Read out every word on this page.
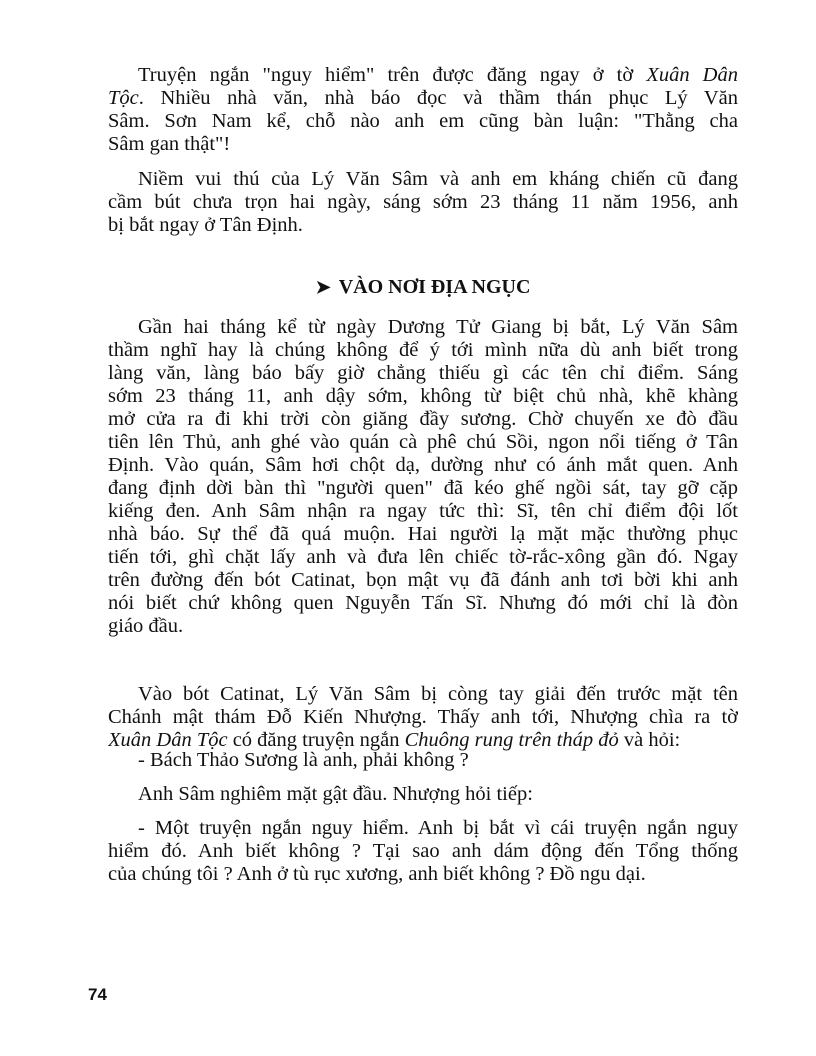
Truyện ngắn "nguy hiểm" trên được đăng ngay ở tờ Xuân Dân
Tộc. Nhiều nhà văn, nhà báo đọc và thầm thán phục Lý Văn
Sâm. Sơn Nam kể, chỗ nào anh em cũng bàn luận: "Thằng cha
Sâm gan thật"!
Niềm vui thú của Lý Văn Sâm và anh em kháng chiến cũ đang
cầm bút chưa trọn hai ngày, sáng sớm 23 tháng 11 năm 1956, anh
bị bắt ngay ở Tân Định.
➤ VÀO NƠI ĐỊA NGỤC
Gần hai tháng kể từ ngày Dương Tử Giang bị bắt, Lý Văn Sâm
thầm nghĩ hay là chúng không để ý tới mình nữa dù anh biết trong
làng văn, làng báo bấy giờ chẳng thiếu gì các tên chỉ điểm. Sáng
sớm 23 tháng 11, anh dậy sớm, không từ biệt chủ nhà, khẽ khàng
mở cửa ra đi khi trời còn giăng đầy sương. Chờ chuyến xe đò đầu
tiên lên Thủ, anh ghé vào quán cà phê chú Sồi, ngon nổi tiếng ở Tân
Định. Vào quán, Sâm hơi chột dạ, dường như có ánh mắt quen. Anh
đang định dời bàn thì "người quen" đã kéo ghế ngồi sát, tay gỡ cặp
kiếng đen. Anh Sâm nhận ra ngay tức thì: Sĩ, tên chỉ điểm đội lốt
nhà báo. Sự thể đã quá muộn. Hai người lạ mặt mặc thường phục
tiến tới, ghì chặt lấy anh và đưa lên chiếc tờ-rắc-xông gần đó. Ngay
trên đường đến bót Catinat, bọn mật vụ đã đánh anh tơi bời khi anh
nói biết chứ không quen Nguyễn Tấn Sĩ. Nhưng đó mới chỉ là đòn
giáo đầu.
Vào bót Catinat, Lý Văn Sâm bị còng tay giải đến trước mặt tên
Chánh mật thám Đỗ Kiến Nhượng. Thấy anh tới, Nhượng chìa ra tờ
Xuân Dân Tộc có đăng truyện ngắn Chuông rung trên tháp đỏ và hỏi:
- Bách Thảo Sương là anh, phải không ?
Anh Sâm nghiêm mặt gật đầu. Nhượng hỏi tiếp:
- Một truyện ngắn nguy hiểm. Anh bị bắt vì cái truyện ngắn nguy
hiểm đó. Anh biết không ? Tại sao anh dám động đến Tổng thống
của chúng tôi ? Anh ở tù rục xương, anh biết không ? Đồ ngu dại.
74
